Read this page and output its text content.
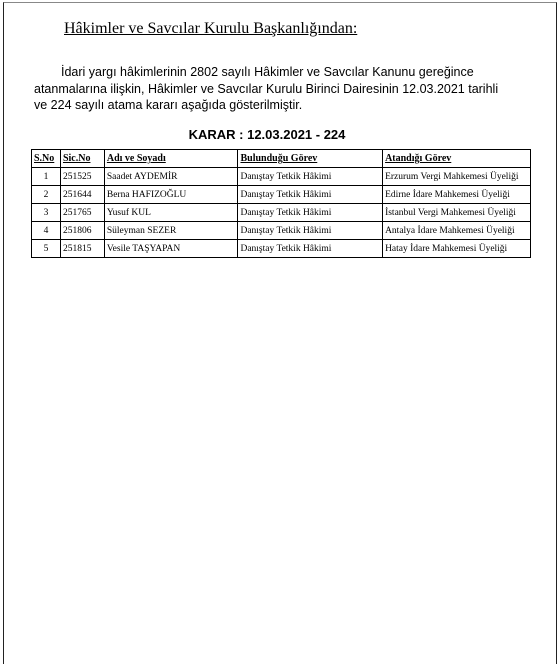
Hâkimler ve Savcılar Kurulu Başkanlığından:
İdari yargı hâkimlerinin 2802 sayılı Hâkimler ve Savcılar Kanunu gereğince
atanmalarına ilişkin, Hâkimler ve Savcılar Kurulu Birinci Dairesinin 12.03.2021 tarihli
ve 224 sayılı atama kararı aşağıda gösterilmiştir.
KARAR : 12.03.2021 - 224
S.No	Sic.No	Adı ve Soyadı	Bulunduğu Görev	Atandığı Görev
1	251525	Saadet AYDEMİR	Danıştay Tetkik Hâkimi	Erzurum Vergi Mahkemesi Üyeliği
2	251644	Berna HAFIZOĞLU	Danıştay Tetkik Hâkimi	Edirne İdare Mahkemesi Üyeliği
3	251765	Yusuf KUL	Danıştay Tetkik Hâkimi	İstanbul Vergi Mahkemesi Üyeliği
4	251806	Süleyman SEZER	Danıştay Tetkik Hâkimi	Antalya İdare Mahkemesi Üyeliği
5	251815	Vesile TAŞYAPAN	Danıştay Tetkik Hâkimi	Hatay İdare Mahkemesi Üyeliği
